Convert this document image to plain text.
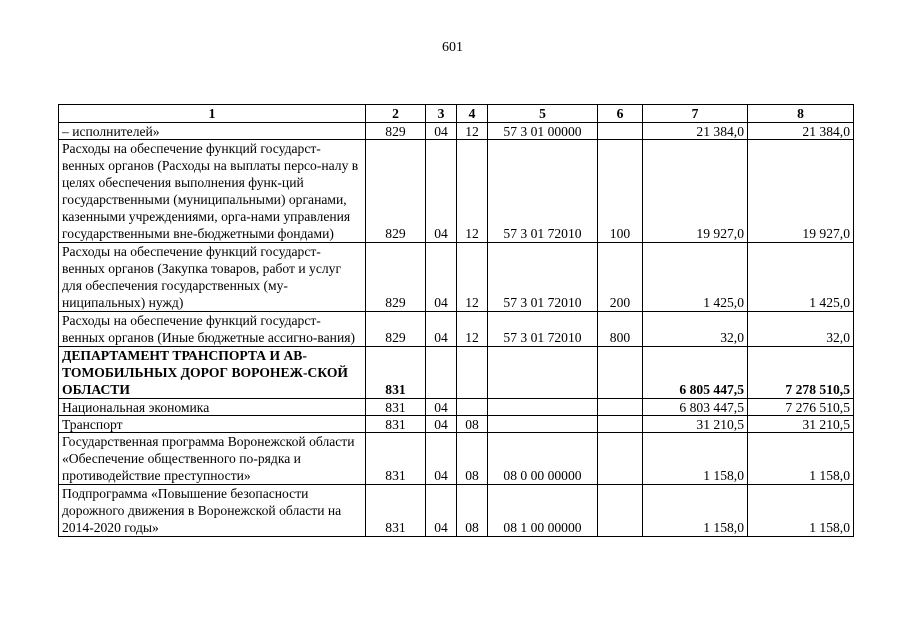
601
1	2	3	4	5	6	7	8
– исполнителей»	829	04	12	57 3 01 00000		21 384,0	21 384,0
Расходы на обеспечение функций государст-венных органов (Расходы на выплаты персо-налу в целях обеспечения выполнения функ-ций государственными (муниципальными) органами, казенными учреждениями, орга-нами управления государственными вне-бюджетными фондами)	829	04	12	57 3 01 72010	100	19 927,0	19 927,0
Расходы на обеспечение функций государст-венных органов (Закупка товаров, работ и услуг для обеспечения государственных (му-ниципальных) нужд)	829	04	12	57 3 01 72010	200	1 425,0	1 425,0
Расходы на обеспечение функций государст-венных органов (Иные бюджетные ассигно-вания)	829	04	12	57 3 01 72010	800	32,0	32,0
ДЕПАРТАМЕНТ ТРАНСПОРТА И АВ-ТОМОБИЛЬНЫХ ДОРОГ ВОРОНЕЖ-СКОЙ ОБЛАСТИ	831					6 805 447,5	7 278 510,5
Национальная экономика	831	04				6 803 447,5	7 276 510,5
Транспорт	831	04	08			31 210,5	31 210,5
Государственная программа Воронежской области «Обеспечение общественного по-рядка и противодействие преступности»	831	04	08	08 0 00 00000		1 158,0	1 158,0
Подпрограмма «Повышение безопасности дорожного движения в Воронежской области на 2014-2020 годы»	831	04	08	08 1 00 00000		1 158,0	1 158,0
